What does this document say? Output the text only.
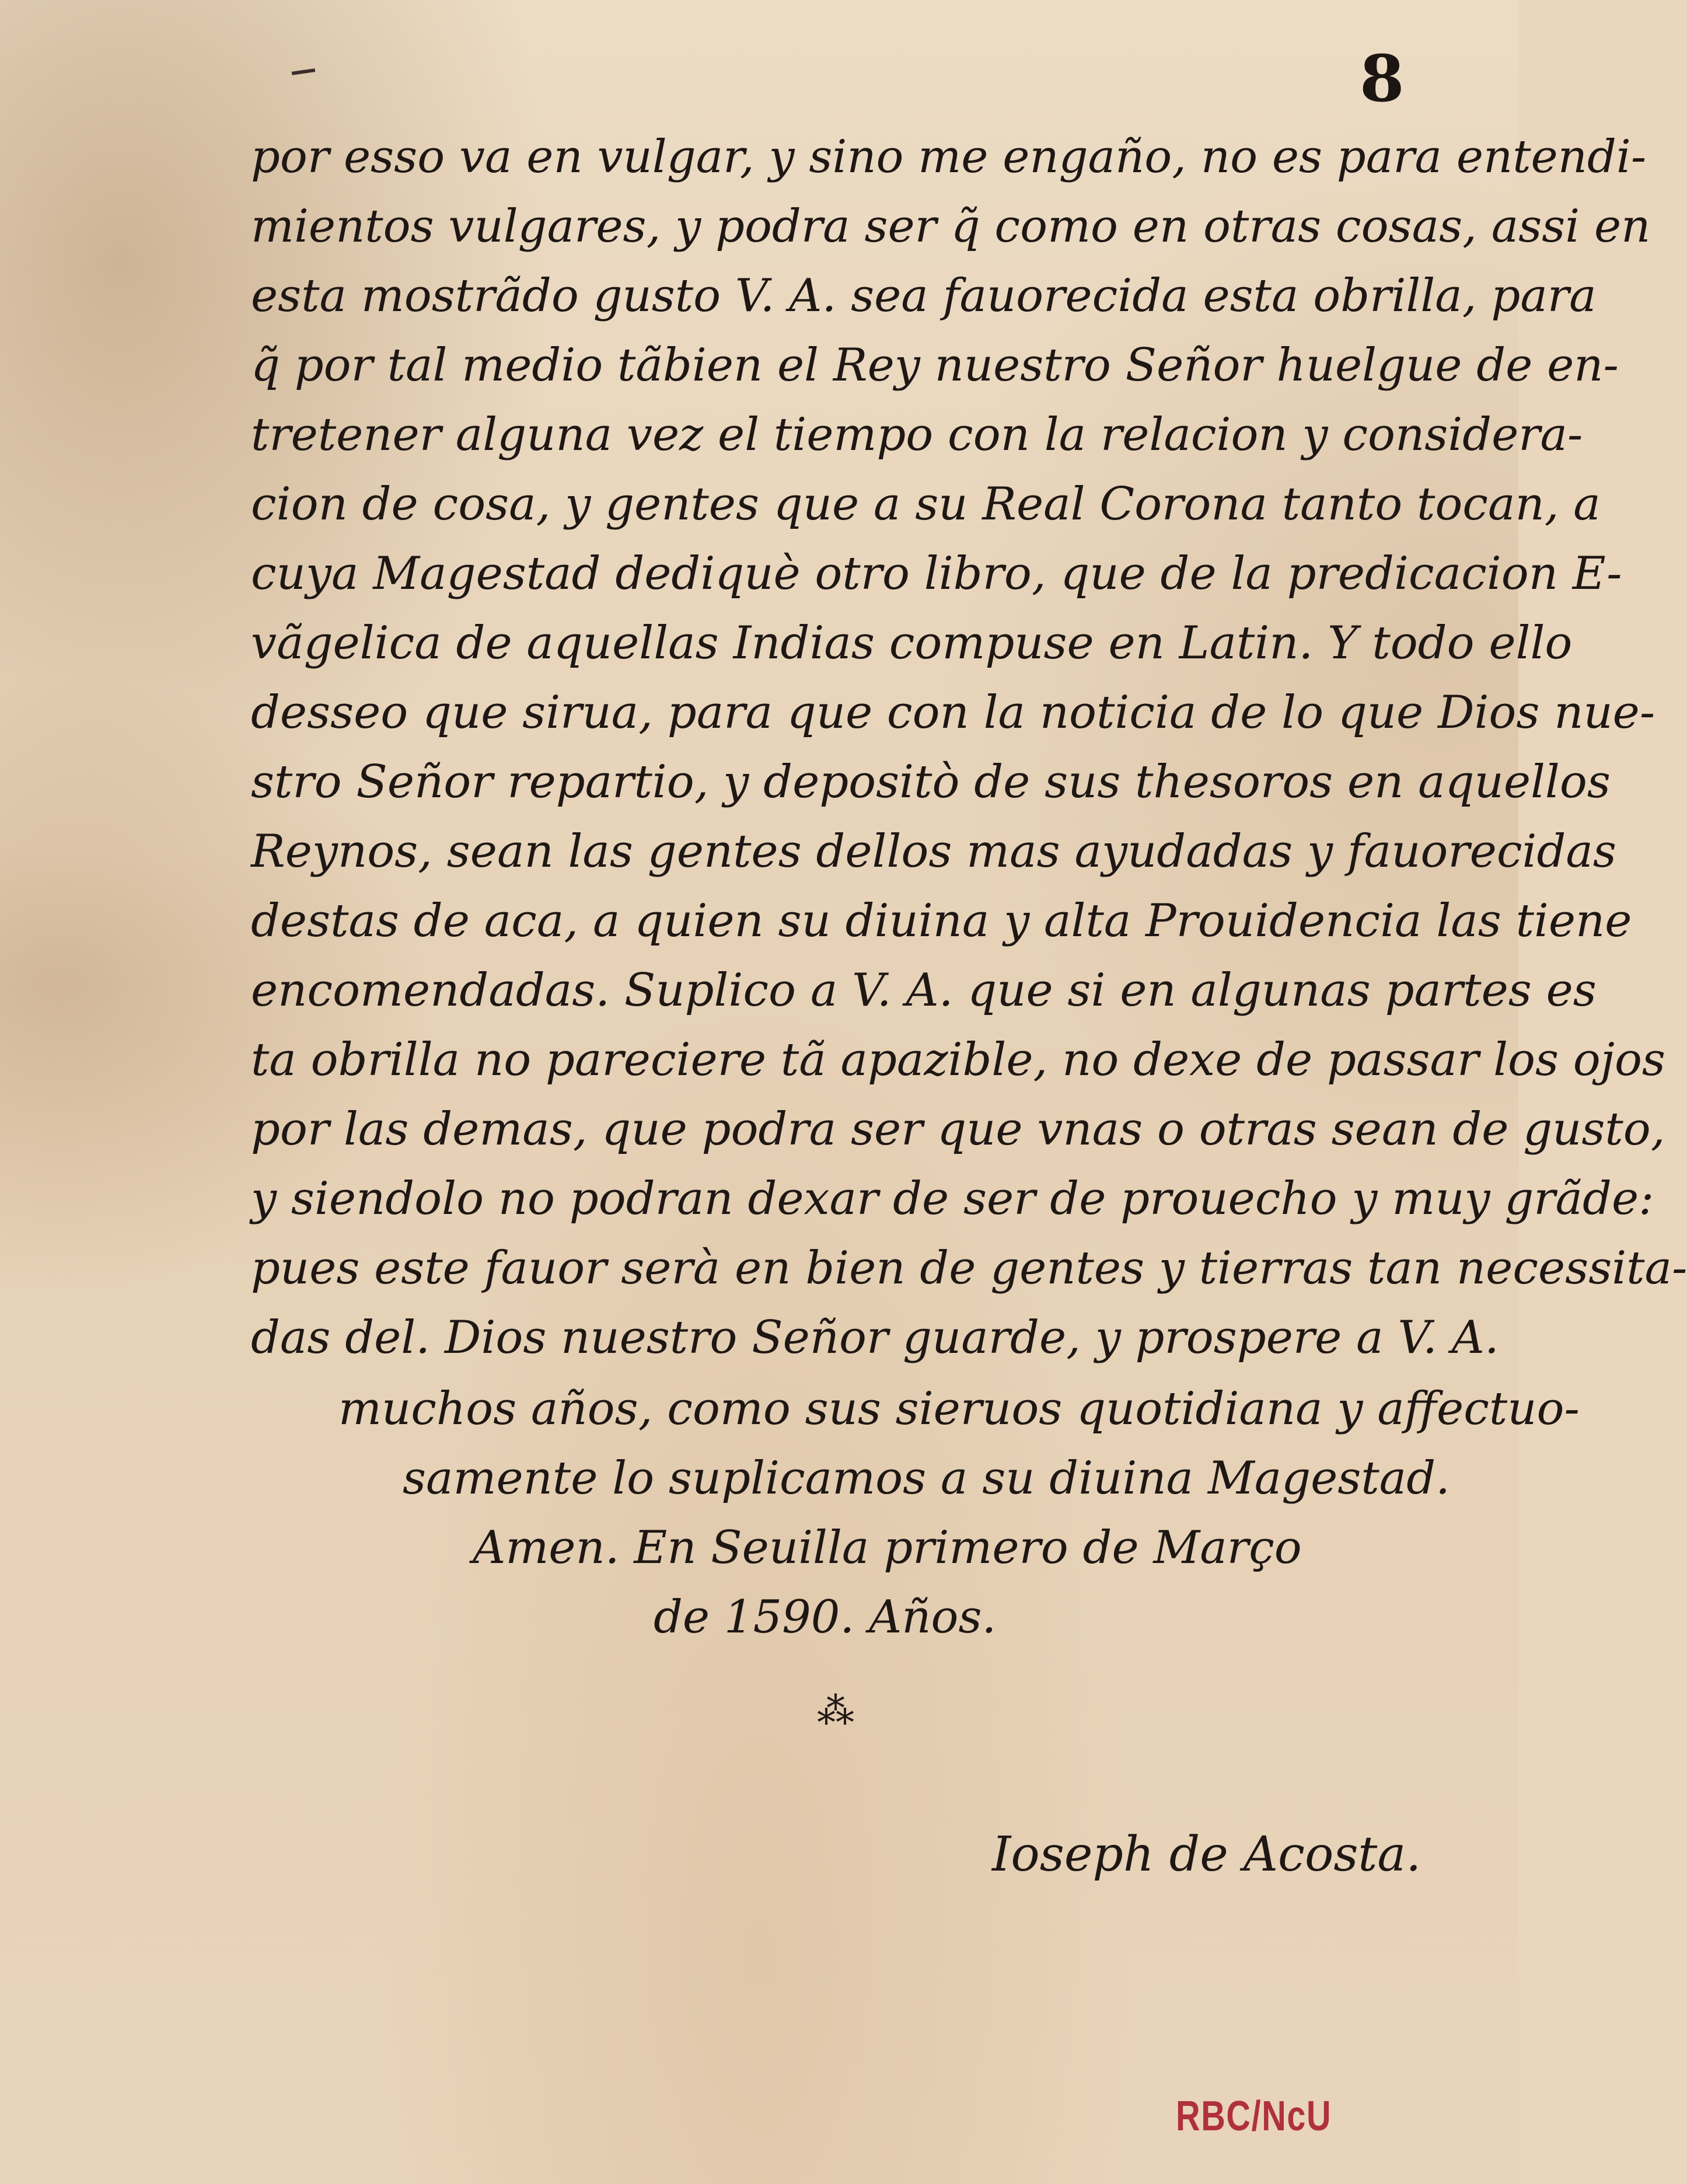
8
por esso va en vulgar, y sino me engaño, no es para entendi-
mientos vulgares, y podra ser q̃ como en otras cosas, assi en
esta mostrãdo gusto V. A. sea fauorecida esta obrilla, para
q̃ por tal medio tãbien el Rey nuestro Señor huelgue de en-
tretener alguna vez el tiempo con la relacion y considera-
cion de cosa, y gentes que a su Real Corona tanto tocan, a
cuya Magestad dediquè otro libro, que de la predicacion E-
vãgelica de aquellas Indias compuse en Latin. Y todo ello
dessео que sirua, para que con la noticia de lo que Dios nue-
stro Señor repartio, y depositò de sus thesoros en aquellos
Reynos, sean las gentes dellos mas ayudadas y fauorecidas
destas de aca, a quien su diuina y alta Prouidencia las tiene
encomendadas. Suplico a V. A. que si en algunas partes es
ta obrilla no pareciere tã apazible, no dexe de passar los ojos
por las demas, que podra ser que vnas o otras sean de gusto,
y siendolo no podran dexar de ser de prouecho y muy grãde:
pues este fauor serà en bien de gentes y tierras tan necessita-
das del. Dios nuestro Señor guarde, y prospere a V. A.
muchos años, como sus sieruos quotidiana y affectuo-
samente lo suplicamos a su diuina Magestad.
Amen. En Seuilla primero de Março
de 1590. Años.
⁂
Ioseph de Acosta.
RBC/NcU
